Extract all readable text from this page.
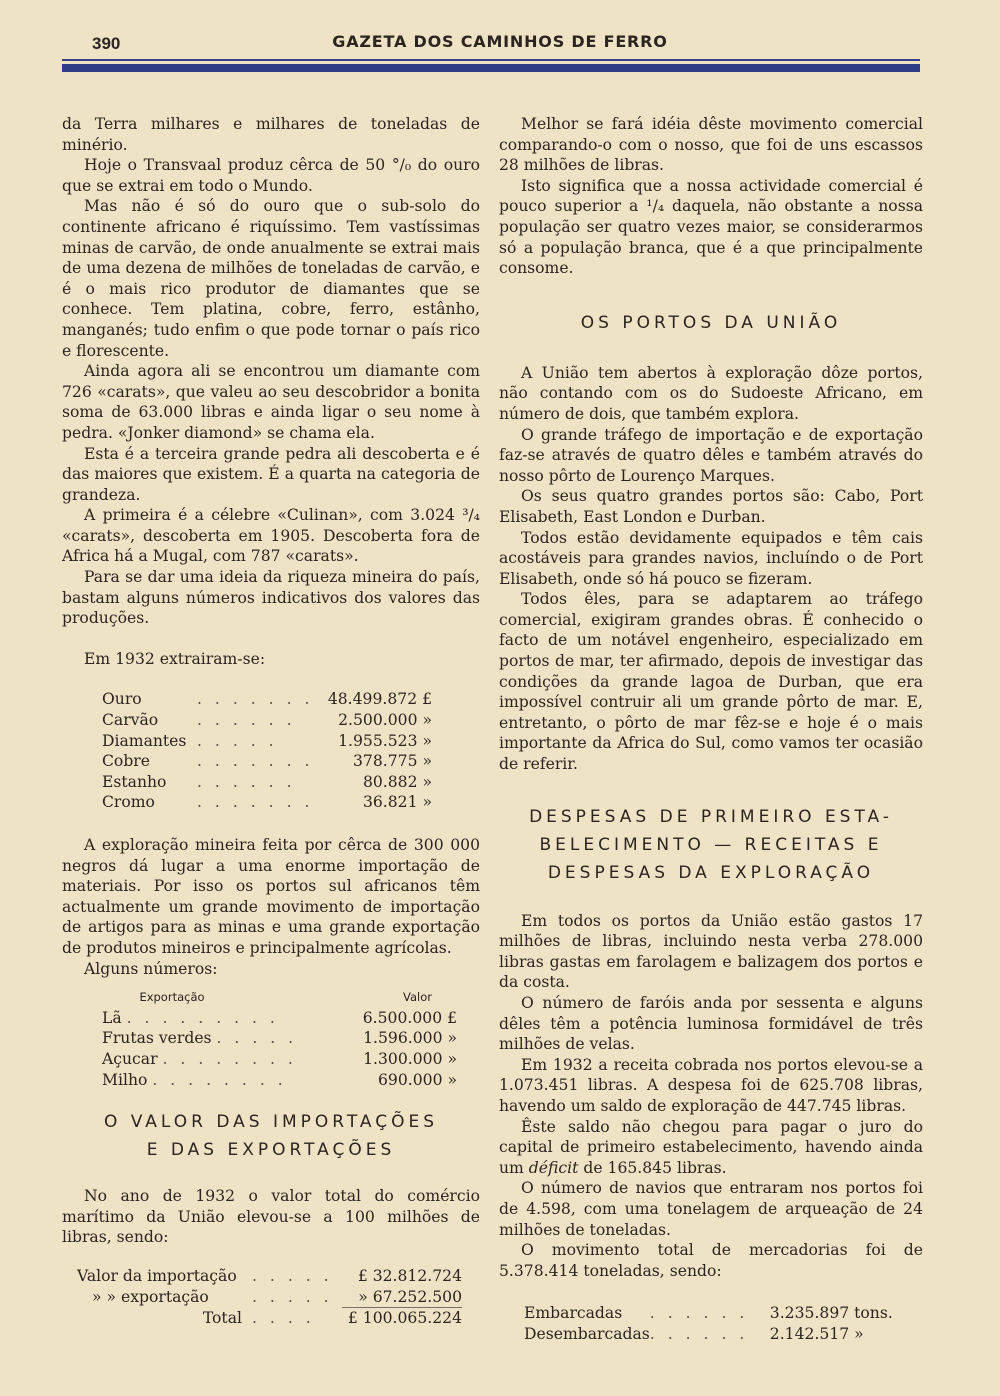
390	GAZETA DOS CAMINHOS DE FERRO

da Terra milhares e milhares de toneladas de minério.

Hoje o Transvaal produz cêrca de 50 °/₀ do ouro que se extrai em todo o Mundo.

Mas não é só do ouro que o sub-solo do continente africano é riquíssimo. Tem vastíssimas minas de carvão, de onde anualmente se extrai mais de uma dezena de milhões de toneladas de carvão, e é o mais rico produtor de diamantes que se conhece. Tem platina, cobre, ferro, estânho, manganés; tudo enfim o que pode tornar o país rico e florescente.

Ainda agora ali se encontrou um diamante com 726 «carats», que valeu ao seu descobridor a bonita soma de 63.000 libras e ainda ligar o seu nome à pedra. «Jonker diamond» se chama ela.

Esta é a terceira grande pedra ali descoberta e é das maiores que existem. É a quarta na categoria de grandeza.

A primeira é a célebre «Culinan», com 3.024 ³/₄ «carats», descoberta em 1905. Descoberta fora de Africa há a Mugal, com 787 «carats».

Para se dar uma ideia da riqueza mineira do país, bastam alguns números indicativos dos valores das produções.

Em 1932 extrairam-se:

Ouro	. . . . . . .	48.499.872 £
Carvão	. . . . . .	2.500.000 »
Diamantes	. . . . .	1.955.523 »
Cobre	. . . . . . .	378.775 »
Estanho	. . . . . .	80.882 »
Cromo	. . . . . . .	36.821 »

A exploração mineira feita por cêrca de 300 000 negros dá lugar a uma enorme importação de materiais. Por isso os portos sul africanos têm actualmente um grande movimento de importação de artigos para as minas e uma grande exportação de produtos mineiros e principalmente agrícolas.

Alguns números:

Exportação		Valor
Lã . . . . . . . . .		6.500.000 £
Frutas verdes . . . . .		1.596.000 »
Açucar . . . . . . . .		1.300.000 »
Milho . . . . . . . .		690.000 »
O VALOR DAS IMPORTAÇÕES
E DAS EXPORTAÇÕES

No ano de 1932 o valor total do comércio marítimo da União elevou-se a 100 milhões de libras, sendo:

Valor da importação	. . . . .	£ 32.812.724
» » exportação	. . . . .	» 67.252.500
Total	. . . .	£ 100.065.224

Melhor se fará idéia dêste movimento comercial comparando-o com o nosso, que foi de uns escassos 28 milhões de libras.

Isto significa que a nossa actividade comercial é pouco superior a ¹/₄ daquela, não obstante a nossa população ser quatro vezes maior, se considerarmos só a população branca, que é a que principalmente consome.

OS PORTOS DA UNIÃO

A União tem abertos à exploração dôze portos, não contando com os do Sudoeste Africano, em número de dois, que também explora.

O grande tráfego de importação e de exportação faz-se através de quatro dêles e também através do nosso pôrto de Lourenço Marques.

Os seus quatro grandes portos são: Cabo, Port Elisabeth, East London e Durban.

Todos estão devidamente equipados e têm cais acostáveis para grandes navios, incluíndo o de Port Elisabeth, onde só há pouco se fizeram.

Todos êles, para se adaptarem ao tráfego comercial, exigiram grandes obras. É conhecido o facto de um notável engenheiro, especializado em portos de mar, ter afirmado, depois de investigar das condições da grande lagoa de Durban, que era impossível contruir ali um grande pôrto de mar. E, entretanto, o pôrto de mar fêz-se e hoje é o mais importante da Africa do Sul, como vamos ter ocasião de referir.

DESPESAS DE PRIMEIRO ESTA-
BELECIMENTO — RECEITAS E
DESPESAS DA EXPLORAÇÃO

Em todos os portos da União estão gastos 17 milhões de libras, incluindo nesta verba 278.000 libras gastas em farolagem e balizagem dos portos e da costa.

O número de faróis anda por sessenta e alguns dêles têm a potência luminosa formidável de três milhões de velas.

Em 1932 a receita cobrada nos portos elevou-se a 1.073.451 libras. A despesa foi de 625.708 libras, havendo um saldo de exploração de 447.745 libras.

Êste saldo não chegou para pagar o juro do capital de primeiro estabelecimento, havendo ainda um déficit de 165.845 libras.

O número de navios que entraram nos portos foi de 4.598, com uma tonelagem de arqueação de 24 milhões de toneladas.

O movimento total de mercadorias foi de 5.378.414 toneladas, sendo:

Embarcadas	. . . . . .	3.235.897 tons.
Desembarcadas	. . . . . .	2.142.517 »
